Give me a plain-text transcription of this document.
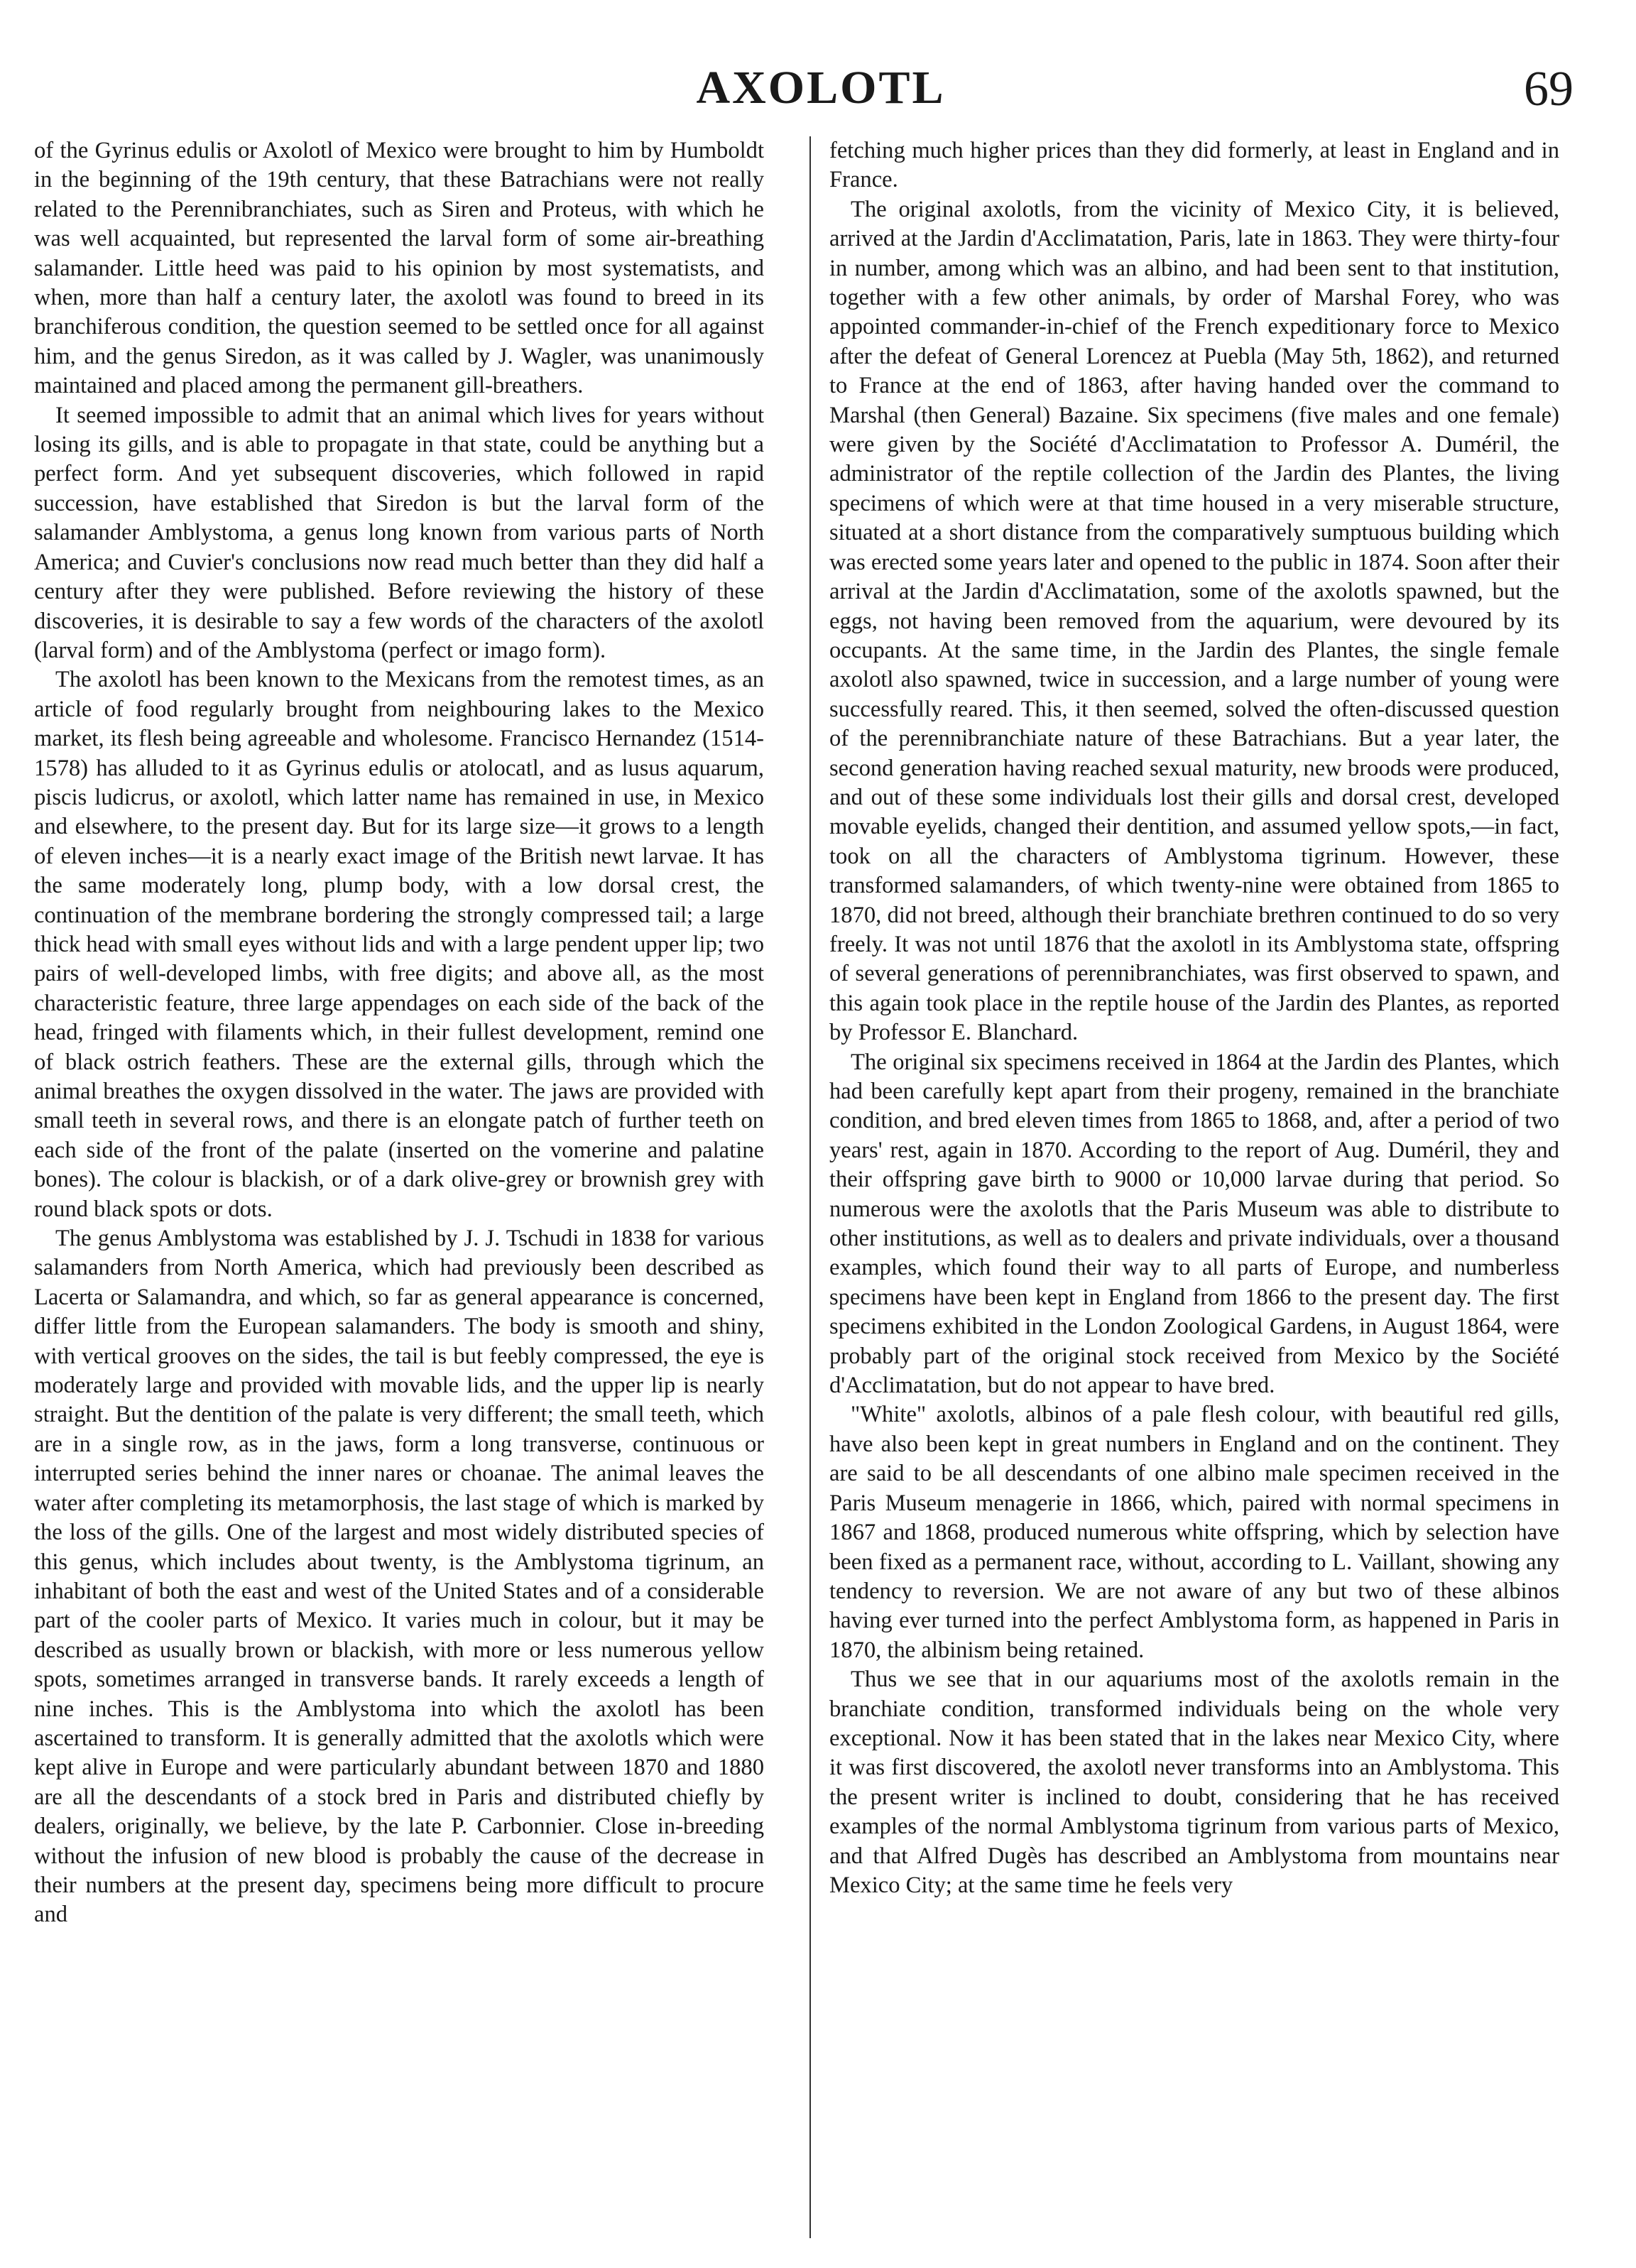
AXOLOTL	69

of the Gyrinus edulis or Axolotl of Mexico were brought to him by Humboldt in the beginning of the 19th century, that these Batrachians were not really related to the Perennibranchiates, such as Siren and Proteus, with which he was well acquainted, but represented the larval form of some air-breathing salamander. Little heed was paid to his opinion by most systematists, and when, more than half a century later, the axolotl was found to breed in its branchiferous condition, the question seemed to be settled once for all against him, and the genus Siredon, as it was called by J. Wagler, was unanimously maintained and placed among the permanent gill-breathers.

It seemed impossible to admit that an animal which lives for years without losing its gills, and is able to propagate in that state, could be anything but a perfect form. And yet subsequent discoveries, which followed in rapid succession, have established that Siredon is but the larval form of the salamander Amblystoma, a genus long known from various parts of North America; and Cuvier's conclusions now read much better than they did half a century after they were published. Before reviewing the history of these discoveries, it is desirable to say a few words of the characters of the axolotl (larval form) and of the Amblystoma (perfect or imago form).

The axolotl has been known to the Mexicans from the remotest times, as an article of food regularly brought from neighbouring lakes to the Mexico market, its flesh being agreeable and wholesome. Francisco Hernandez (1514-1578) has alluded to it as Gyrinus edulis or atolocatl, and as lusus aquarum, piscis ludicrus, or axolotl, which latter name has remained in use, in Mexico and elsewhere, to the present day. But for its large size—it grows to a length of eleven inches—it is a nearly exact image of the British newt larvae. It has the same moderately long, plump body, with a low dorsal crest, the continuation of the membrane bordering the strongly compressed tail; a large thick head with small eyes without lids and with a large pendent upper lip; two pairs of well-developed limbs, with free digits; and above all, as the most characteristic feature, three large appendages on each side of the back of the head, fringed with filaments which, in their fullest development, remind one of black ostrich feathers. These are the external gills, through which the animal breathes the oxygen dissolved in the water. The jaws are provided with small teeth in several rows, and there is an elongate patch of further teeth on each side of the front of the palate (inserted on the vomerine and palatine bones). The colour is blackish, or of a dark olive-grey or brownish grey with round black spots or dots.

The genus Amblystoma was established by J. J. Tschudi in 1838 for various salamanders from North America, which had previously been described as Lacerta or Salamandra, and which, so far as general appearance is concerned, differ little from the European salamanders. The body is smooth and shiny, with vertical grooves on the sides, the tail is but feebly compressed, the eye is moderately large and provided with movable lids, and the upper lip is nearly straight. But the dentition of the palate is very different; the small teeth, which are in a single row, as in the jaws, form a long transverse, continuous or interrupted series behind the inner nares or choanae. The animal leaves the water after completing its metamorphosis, the last stage of which is marked by the loss of the gills. One of the largest and most widely distributed species of this genus, which includes about twenty, is the Amblystoma tigrinum, an inhabitant of both the east and west of the United States and of a considerable part of the cooler parts of Mexico. It varies much in colour, but it may be described as usually brown or blackish, with more or less numerous yellow spots, sometimes arranged in transverse bands. It rarely exceeds a length of nine inches. This is the Amblystoma into which the axolotl has been ascertained to transform. It is generally admitted that the axolotls which were kept alive in Europe and were particularly abundant between 1870 and 1880 are all the descendants of a stock bred in Paris and distributed chiefly by dealers, originally, we believe, by the late P. Carbonnier. Close in-breeding without the infusion of new blood is probably the cause of the decrease in their numbers at the present day, specimens being more difficult to procure and

fetching much higher prices than they did formerly, at least in England and in France.

The original axolotls, from the vicinity of Mexico City, it is believed, arrived at the Jardin d'Acclimatation, Paris, late in 1863. They were thirty-four in number, among which was an albino, and had been sent to that institution, together with a few other animals, by order of Marshal Forey, who was appointed commander-in-chief of the French expeditionary force to Mexico after the defeat of General Lorencez at Puebla (May 5th, 1862), and returned to France at the end of 1863, after having handed over the command to Marshal (then General) Bazaine. Six specimens (five males and one female) were given by the Société d'Acclimatation to Professor A. Duméril, the administrator of the reptile collection of the Jardin des Plantes, the living specimens of which were at that time housed in a very miserable structure, situated at a short distance from the comparatively sumptuous building which was erected some years later and opened to the public in 1874. Soon after their arrival at the Jardin d'Acclimatation, some of the axolotls spawned, but the eggs, not having been removed from the aquarium, were devoured by its occupants. At the same time, in the Jardin des Plantes, the single female axolotl also spawned, twice in succession, and a large number of young were successfully reared. This, it then seemed, solved the often-discussed question of the perennibranchiate nature of these Batrachians. But a year later, the second generation having reached sexual maturity, new broods were produced, and out of these some individuals lost their gills and dorsal crest, developed movable eyelids, changed their dentition, and assumed yellow spots,—in fact, took on all the characters of Amblystoma tigrinum. However, these transformed salamanders, of which twenty-nine were obtained from 1865 to 1870, did not breed, although their branchiate brethren continued to do so very freely. It was not until 1876 that the axolotl in its Amblystoma state, offspring of several generations of perennibranchiates, was first observed to spawn, and this again took place in the reptile house of the Jardin des Plantes, as reported by Professor E. Blanchard.

The original six specimens received in 1864 at the Jardin des Plantes, which had been carefully kept apart from their progeny, remained in the branchiate condition, and bred eleven times from 1865 to 1868, and, after a period of two years' rest, again in 1870. According to the report of Aug. Duméril, they and their offspring gave birth to 9000 or 10,000 larvae during that period. So numerous were the axolotls that the Paris Museum was able to distribute to other institutions, as well as to dealers and private individuals, over a thousand examples, which found their way to all parts of Europe, and numberless specimens have been kept in England from 1866 to the present day. The first specimens exhibited in the London Zoological Gardens, in August 1864, were probably part of the original stock received from Mexico by the Société d'Acclimatation, but do not appear to have bred.

"White" axolotls, albinos of a pale flesh colour, with beautiful red gills, have also been kept in great numbers in England and on the continent. They are said to be all descendants of one albino male specimen received in the Paris Museum menagerie in 1866, which, paired with normal specimens in 1867 and 1868, produced numerous white offspring, which by selection have been fixed as a permanent race, without, according to L. Vaillant, showing any tendency to reversion. We are not aware of any but two of these albinos having ever turned into the perfect Amblystoma form, as happened in Paris in 1870, the albinism being retained.

Thus we see that in our aquariums most of the axolotls remain in the branchiate condition, transformed individuals being on the whole very exceptional. Now it has been stated that in the lakes near Mexico City, where it was first discovered, the axolotl never transforms into an Amblystoma. This the present writer is inclined to doubt, considering that he has received examples of the normal Amblystoma tigrinum from various parts of Mexico, and that Alfred Dugès has described an Amblystoma from mountains near Mexico City; at the same time he feels very
